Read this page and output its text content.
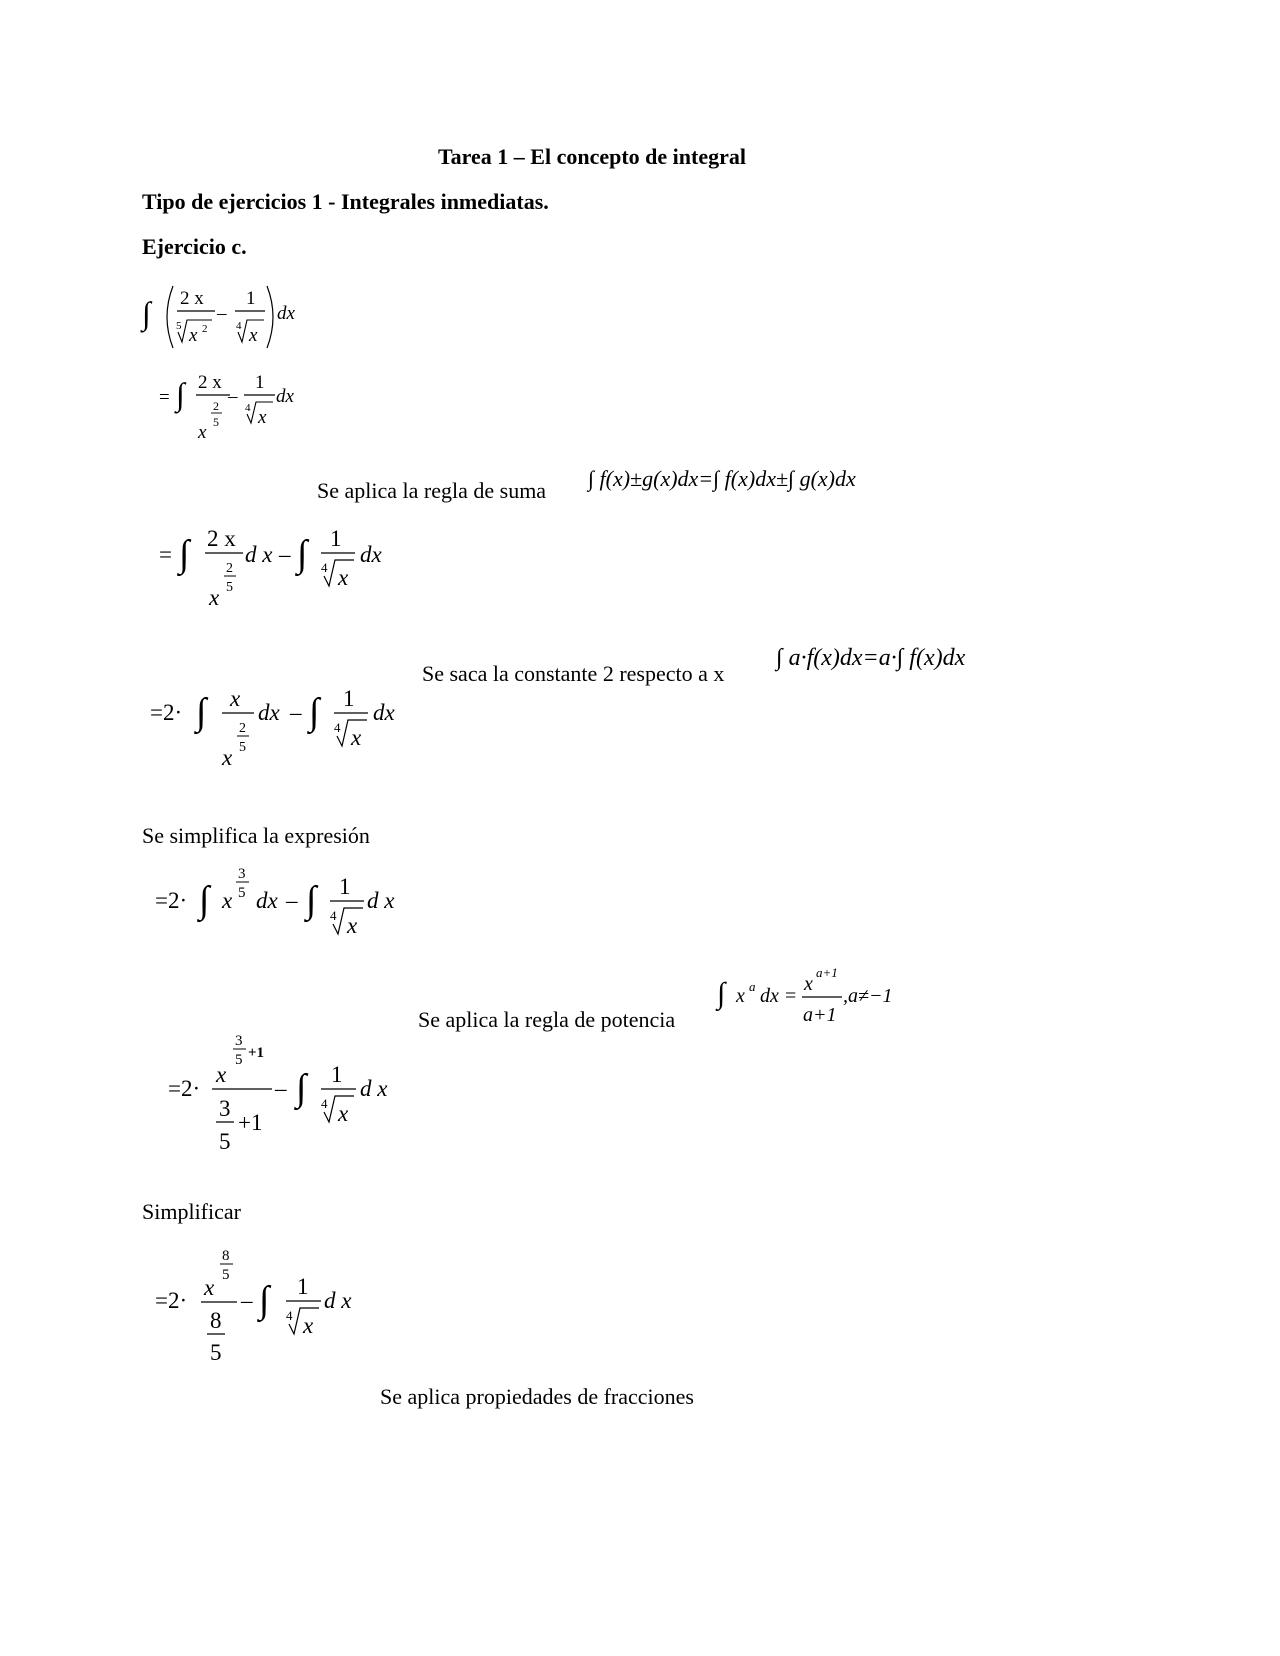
Tarea 1 – El concepto de integral
Tipo de ejercicios 1 - Integrales inmediatas.
Ejercicio c.
∫ 2 x
5 x 2
–
1
4 x
dx
= ∫ 2 x
2
5
x
–
1
4 x
dx
Se aplica la regla de suma ∫ f(x)±g(x)dx=∫ f(x)dx±∫ g(x)dx
= ∫ 2 x
2
5
x
d x – ∫ 1
4 x
dx
Se saca la constante 2 respecto a x
∫ a·f(x)dx=a·∫ f(x)dx
=2· ∫ x
2
5
x
dx – ∫ 1
4 x
dx
Se simplifica la expresión
3
5
=2· ∫ x dx – ∫ 1
4 x
d x
∫ x a dx =
x
a+1
a+1
,a≠−1
Se aplica la regla de potencia
3
5 +1
=2·
x
3
5
+1
– ∫ 1
4 x
d x
Simplificar
8
5
=2·
x
8
5
– ∫ 1
4 x
d x
Se aplica propiedades de fracciones
